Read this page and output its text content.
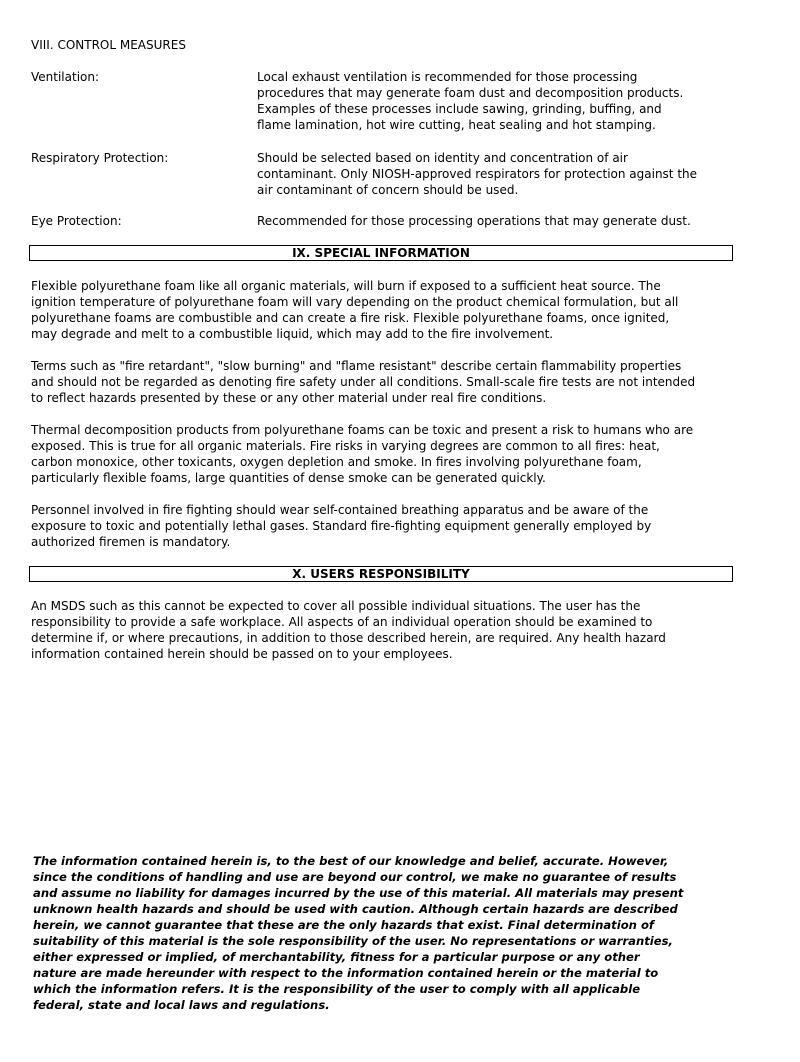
VIII. CONTROL MEASURES
Ventilation:	Local exhaust ventilation is recommended for those processing
procedures that may generate foam dust and decomposition products.
Examples of these processes include sawing, grinding, buffing, and
flame lamination, hot wire cutting, heat sealing and hot stamping.
Respiratory Protection:	Should be selected based on identity and concentration of air
contaminant. Only NIOSH-approved respirators for protection against the
air contaminant of concern should be used.
Eye Protection:	Recommended for those processing operations that may generate dust.
IX. SPECIAL INFORMATION
Flexible polyurethane foam like all organic materials, will burn if exposed to a sufficient heat source. The
ignition temperature of polyurethane foam will vary depending on the product chemical formulation, but all
polyurethane foams are combustible and can create a fire risk. Flexible polyurethane foams, once ignited,
may degrade and melt to a combustible liquid, which may add to the fire involvement.
Terms such as "fire retardant", "slow burning" and "flame resistant" describe certain flammability properties
and should not be regarded as denoting fire safety under all conditions. Small-scale fire tests are not intended
to reflect hazards presented by these or any other material under real fire conditions.
Thermal decomposition products from polyurethane foams can be toxic and present a risk to humans who are
exposed. This is true for all organic materials. Fire risks in varying degrees are common to all fires: heat,
carbon monoxice, other toxicants, oxygen depletion and smoke. In fires involving polyurethane foam,
particularly flexible foams, large quantities of dense smoke can be generated quickly.
Personnel involved in fire fighting should wear self-contained breathing apparatus and be aware of the
exposure to toxic and potentially lethal gases. Standard fire-fighting equipment generally employed by
authorized firemen is mandatory.
X. USERS RESPONSIBILITY
An MSDS such as this cannot be expected to cover all possible individual situations. The user has the
responsibility to provide a safe workplace. All aspects of an individual operation should be examined to
determine if, or where precautions, in addition to those described herein, are required. Any health hazard
information contained herein should be passed on to your employees.
The information contained herein is, to the best of our knowledge and belief, accurate. However,
since the conditions of handling and use are beyond our control, we make no guarantee of results
and assume no liability for damages incurred by the use of this material. All materials may present
unknown health hazards and should be used with caution. Although certain hazards are described
herein, we cannot guarantee that these are the only hazards that exist. Final determination of
suitability of this material is the sole responsibility of the user. No representations or warranties,
either expressed or implied, of merchantability, fitness for a particular purpose or any other
nature are made hereunder with respect to the information contained herein or the material to
which the information refers. It is the responsibility of the user to comply with all applicable
federal, state and local laws and regulations.
